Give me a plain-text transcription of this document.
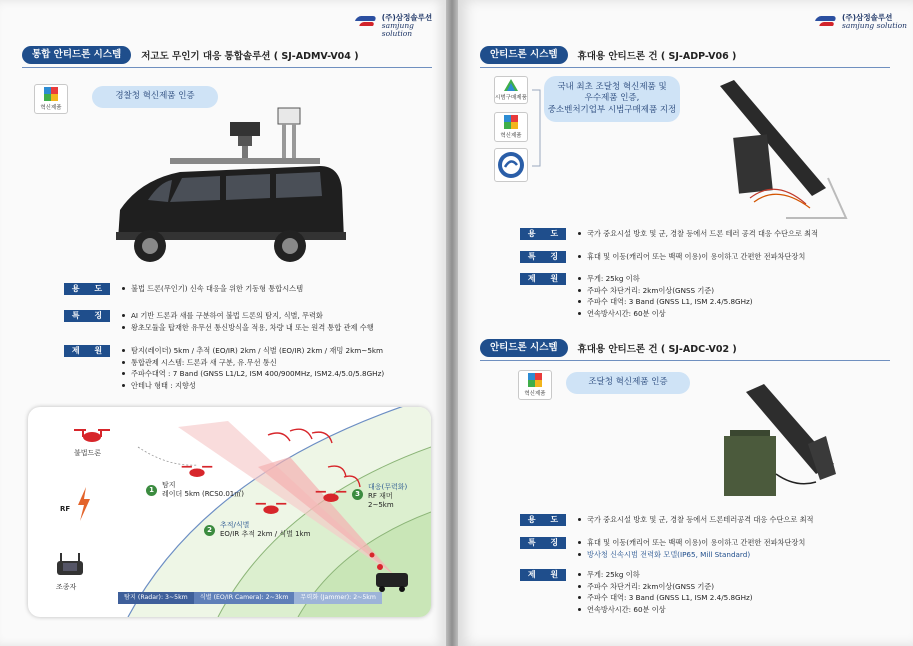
(주)삼정솔루션
samjung solution
통합 안티드론 시스템	저고도 무인기 대응 통합솔루션 ( SJ-ADMV-V04 )
혁신제품
경찰청 혁신제품 인증
용 도	불법 드론(무인기) 신속 대응을 위한 기동형 통합시스템
특 징	AI 기반 드론과 새를 구분하여 불법 드론의 탐지, 식별, 무력화
왕초모듈을 탑재한 유무선 통신방식을 적용, 차량 내 또는 원격 통합 관제 수행
제 원	탐지(레이더) 5km / 추적 (EO/IR) 2km / 식별 (EO/IR) 2km / 재밍 2km~5km
통합관제 시스템: 드론과 새 구분, 유.무선 통신
주파수대역 : 7 Band (GNSS L1/L2, ISM 400/900MHz, ISM2.4/5.0/5.8GHz)
안테나 형태 : 지향성
불법드론
1
탐지
레이더 5km (RCS0.01㎡)
2
추적/식별
EO/IR 추적 2km / 식별 1km
3
대응(무력화)
RF 재머
2~5km
RF
조종자
탐지 (Radar): 3~5km	식별 (EO/IR Camera): 2~3km	무력화 (Jammer): 2~5km
(주)삼정솔루션
samjung solution
안티드론 시스템	휴대용 안티드론 건 ( SJ-ADP-V06 )
시범구매제품
혁신제품
국내 최초 조달청 혁신제품 및
우수제품 인증,
중소벤처기업부 시범구매제품 지정
용 도	국가 중요시설 방호 및 군, 경찰 등에서 드론 테러 공격 대응 수단으로 최적
특 징	휴대 및 이동(캐리어 또는 백팩 이용)이 용이하고 간편한 전파차단장치
제 원	무게: 25kg 이하
주파수 차단거리: 2km이상(GNSS 기준)
주파수 대역: 3 Band (GNSS L1, ISM 2.4/5.8GHz)
연속방사시간: 60분 이상
안티드론 시스템	휴대용 안티드론 건 ( SJ-ADC-V02 )
혁신제품
조달청 혁신제품 인증
용 도	국가 중요시설 방호 및 군, 경찰 등에서 드론테러공격 대응 수단으로 최적
특 징	휴대 및 이동(캐리어 또는 백팩 이용)이 용이하고 간편한 전파차단장치
방사청 신속시범 전력화 모델(IP65, Mill Standard)
제 원	무게: 25kg 이하
주파수 차단거리: 2km이상(GNSS 기준)
주파수 대역: 3 Band (GNSS L1, ISM 2.4/5.8GHz)
연속방사시간: 60분 이상
